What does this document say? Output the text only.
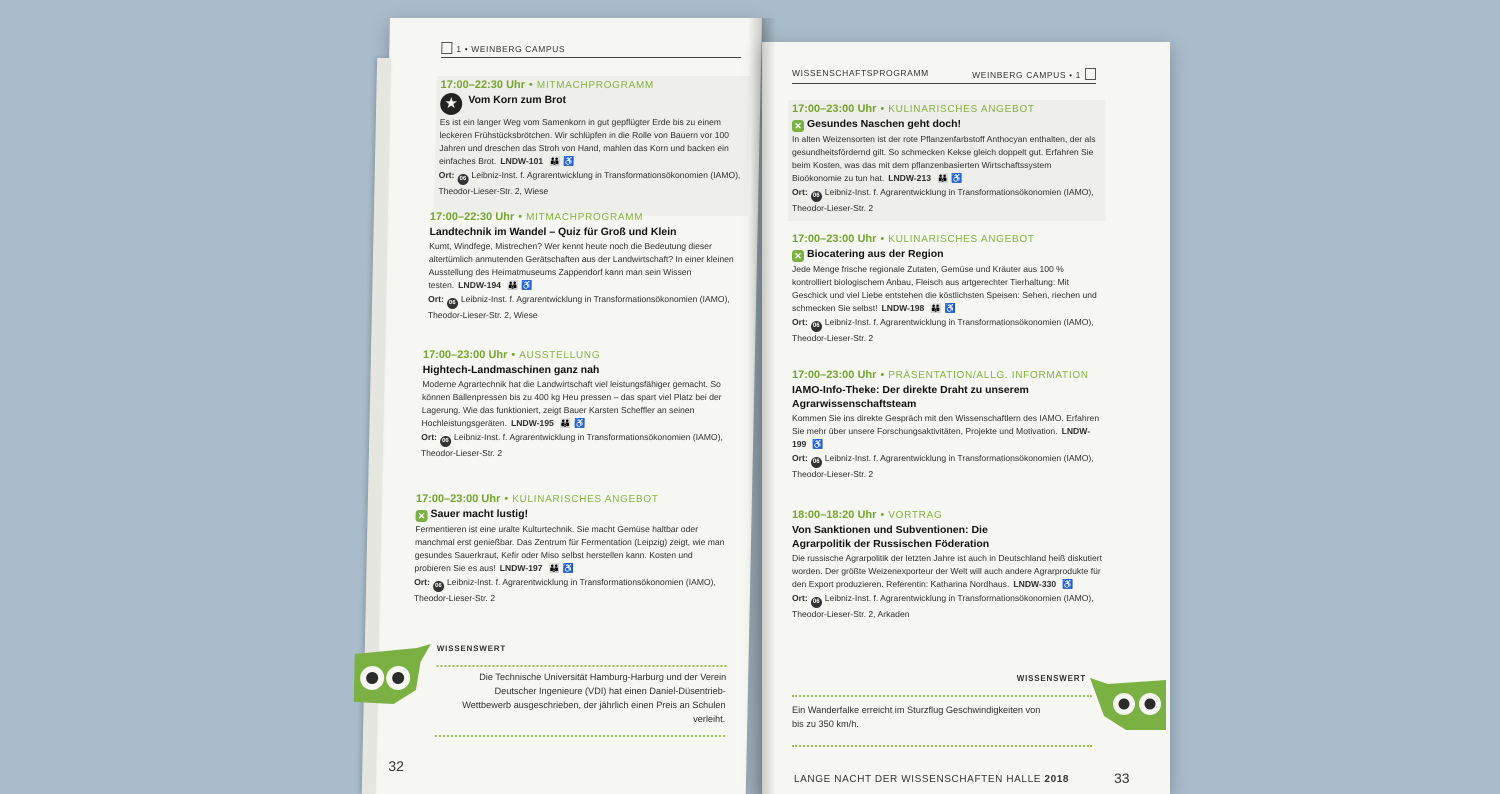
1 • WEINBERG CAMPUS
17:00–22:30 Uhr • MITMACHPROGRAMM
★ Vom Korn zum Brot
Es ist ein langer Weg vom Samenkorn in gut gepflügter Erde bis zu einem leckeren Frühstücksbrötchen. Wir schlüpfen in die Rolle von Bauern vor 100 Jahren und dreschen das Stroh von Hand, mahlen das Korn und backen ein einfaches Brot. LNDW-101 👪 ♿
Ort: 06 Leibniz-Inst. f. Agrarentwicklung in Transformationsökonomien (IAMO), Theodor-Lieser-Str. 2, Wiese
17:00–22:30 Uhr • MITMACHPROGRAMM
Landtechnik im Wandel – Quiz für Groß und Klein
Kumt, Windfege, Mistrechen? Wer kennt heute noch die Bedeutung dieser altertümlich anmutenden Gerätschaften aus der Landwirtschaft? In einer kleinen Ausstellung des Heimatmuseums Zappendorf kann man sein Wissen testen. LNDW-194 👪 ♿
Ort: 06 Leibniz-Inst. f. Agrarentwicklung in Transformationsökonomien (IAMO), Theodor-Lieser-Str. 2, Wiese
17:00–23:00 Uhr • AUSSTELLUNG
Hightech-Landmaschinen ganz nah
Moderne Agrartechnik hat die Landwirtschaft viel leistungsfähiger gemacht. So können Ballenpressen bis zu 400 kg Heu pressen – das spart viel Platz bei der Lagerung. Wie das funktioniert, zeigt Bauer Karsten Scheffler an seinen Hochleistungsgeräten. LNDW-195 👪 ♿
Ort: 06 Leibniz-Inst. f. Agrarentwicklung in Transformationsökonomien (IAMO), Theodor-Lieser-Str. 2
17:00–23:00 Uhr • KULINARISCHES ANGEBOT
✕ Sauer macht lustig!
Fermentieren ist eine uralte Kulturtechnik. Sie macht Gemüse haltbar oder manchmal erst genießbar. Das Zentrum für Fermentation (Leipzig) zeigt, wie man gesundes Sauerkraut, Kefir oder Miso selbst herstellen kann. Kosten und probieren Sie es aus! LNDW-197 👪 ♿
Ort: 06 Leibniz-Inst. f. Agrarentwicklung in Transformationsökonomien (IAMO), Theodor-Lieser-Str. 2
WISSENSWERT
Die Technische Universität Hamburg-Harburg und der Verein Deutscher Ingenieure (VDI) hat einen Daniel-Düsentrieb-Wettbewerb ausgeschrieben, der jährlich einen Preis an Schulen verleiht.
32
WISSENSCHAFTSPROGRAMM	WEINBERG CAMPUS • 1
17:00–23:00 Uhr • KULINARISCHES ANGEBOT
✕ Gesundes Naschen geht doch!
In alten Weizensorten ist der rote Pflanzenfarbstoff Anthocyan enthalten, der als gesundheitsfördernd gilt. So schmecken Kekse gleich doppelt gut. Erfahren Sie beim Kosten, was das mit dem pflanzenbasierten Wirtschaftssystem Bioökonomie zu tun hat. LNDW-213 👪 ♿
Ort: 06 Leibniz-Inst. f. Agrarentwicklung in Transformationsökonomien (IAMO), Theodor-Lieser-Str. 2
17:00–23:00 Uhr • KULINARISCHES ANGEBOT
✕ Biocatering aus der Region
Jede Menge frische regionale Zutaten, Gemüse und Kräuter aus 100 % kontrolliert biologischem Anbau, Fleisch aus artgerechter Tierhaltung: Mit Geschick und viel Liebe entstehen die köstlichsten Speisen: Sehen, riechen und schmecken Sie selbst! LNDW-198 👪 ♿
Ort: 06 Leibniz-Inst. f. Agrarentwicklung in Transformationsökonomien (IAMO), Theodor-Lieser-Str. 2
17:00–23:00 Uhr • PRÄSENTATION/ALLG. INFORMATION
IAMO-Info-Theke: Der direkte Draht zu unserem Agrarwissenschaftsteam
Kommen Sie ins direkte Gespräch mit den Wissenschaftlern des IAMO. Erfahren Sie mehr über unsere Forschungsaktivitäten, Projekte und Motivation. LNDW-199 ♿
Ort: 06 Leibniz-Inst. f. Agrarentwicklung in Transformationsökonomien (IAMO), Theodor-Lieser-Str. 2
18:00–18:20 Uhr • VORTRAG
Von Sanktionen und Subventionen: Die Agrarpolitik der Russischen Föderation
Die russische Agrarpolitik der letzten Jahre ist auch in Deutschland heiß diskutiert worden. Der größte Weizenexporteur der Welt will auch andere Agrarprodukte für den Export produzieren. Referentin: Katharina Nordhaus. LNDW-330 ♿
Ort: 06 Leibniz-Inst. f. Agrarentwicklung in Transformationsökonomien (IAMO), Theodor-Lieser-Str. 2, Arkaden
WISSENSWERT
Ein Wanderfalke erreicht im Sturzflug Geschwindigkeiten von bis zu 350 km/h.
LANGE NACHT DER WISSENSCHAFTEN HALLE 2018	33
